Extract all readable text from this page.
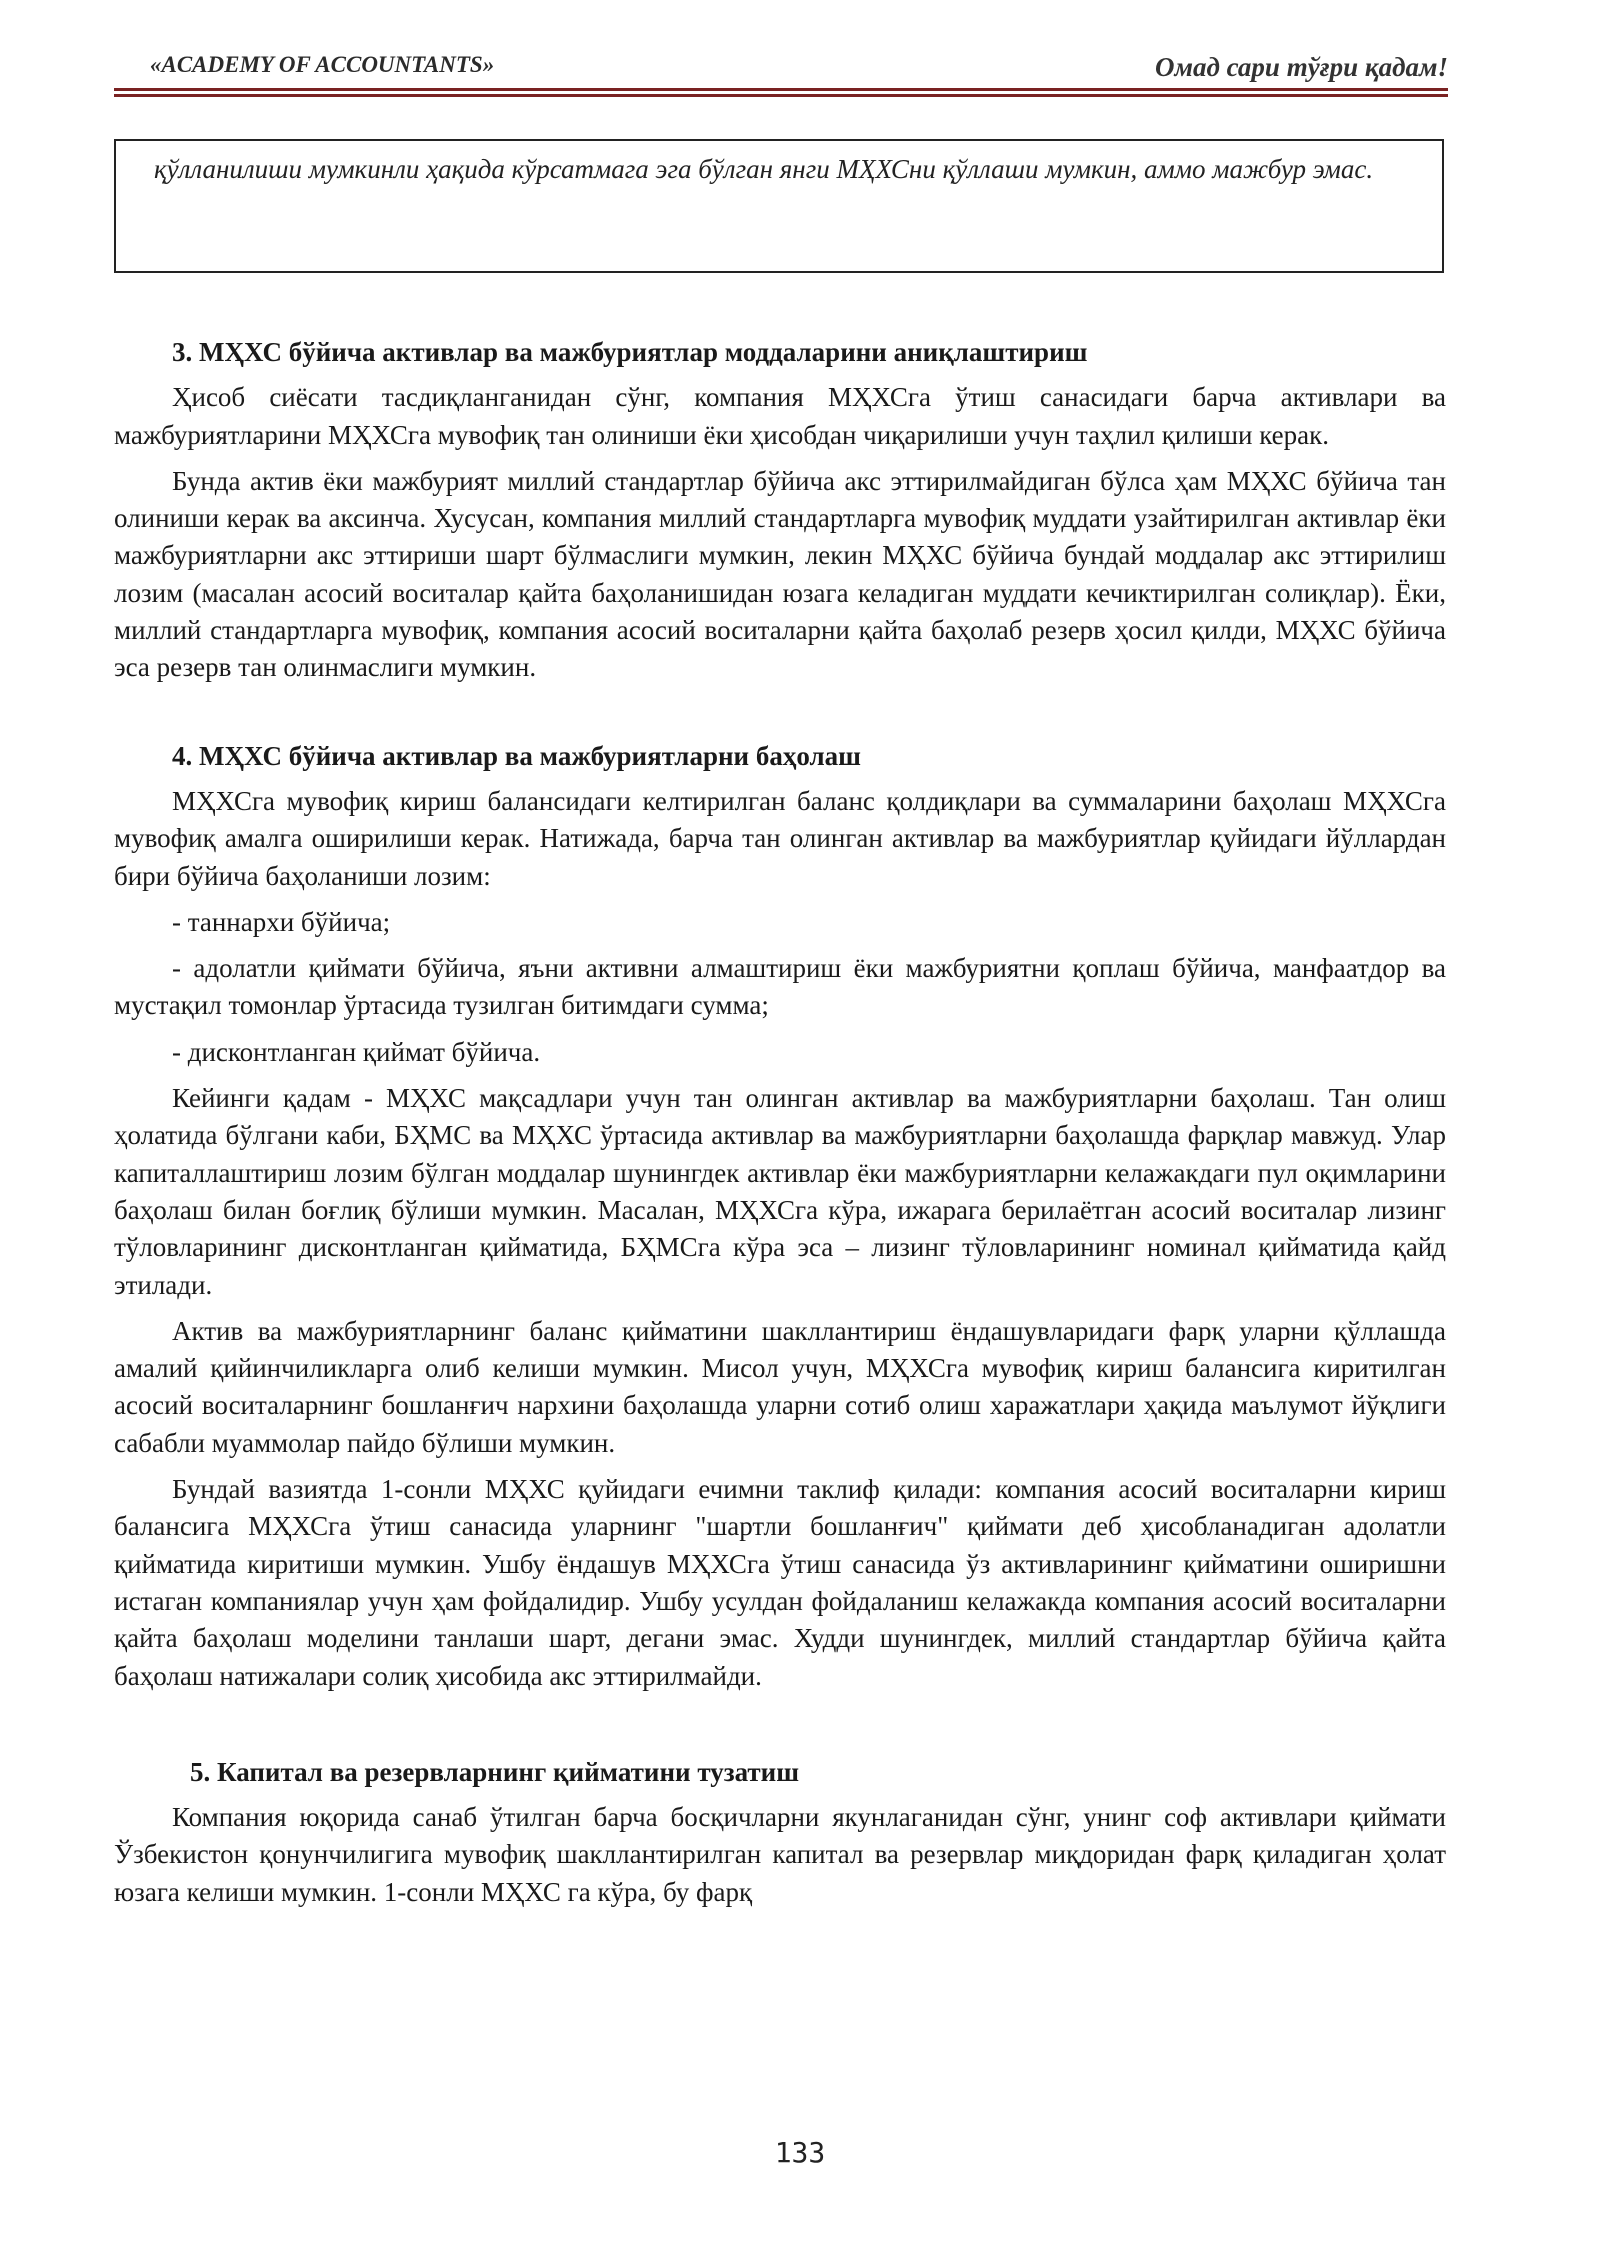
«ACADEMY OF ACCOUNTANTS»	Омад сари тўғри қадам!
қўлланилиши мумкинли ҳақида кўрсатмага эга бўлган янги МҲХСни қўллаши мумкин, аммо мажбур эмас.
3. МҲХС бўйича активлар ва мажбуриятлар моддаларини аниқлаштириш

Ҳисоб сиёсати тасдиқланганидан сўнг, компания МҲХСга ўтиш санасидаги барча активлари ва мажбуриятларини МҲХСга мувофиқ тан олиниши ёки ҳисобдан чиқарилиши учун таҳлил қилиши керак.

Бунда актив ёки мажбурият миллий стандартлар бўйича акс эттирилмайдиган бўлса ҳам МҲХС бўйича тан олиниши керак ва аксинча. Хусусан, компания миллий стандартларга мувофиқ муддати узайтирилган активлар ёки мажбуриятларни акс эттириши шарт бўлмаслиги мумкин, лекин МҲХС бўйича бундай моддалар акс эттирилиш лозим (масалан асосий воситалар қайта баҳоланишидан юзага келадиган муддати кечиктирилган солиқлар). Ёки, миллий стандартларга мувофиқ, компания асосий воситаларни қайта баҳолаб резерв ҳосил қилди, МҲХС бўйича эса резерв тан олинмаслиги мумкин.

4. МҲХС бўйича активлар ва мажбуриятларни баҳолаш

МҲХСга мувофиқ кириш балансидаги келтирилган баланс қолдиқлари ва суммаларини баҳолаш МҲХСга мувофиқ амалга оширилиши керак. Натижада, барча тан олинган активлар ва мажбуриятлар қуйидаги йўллардан бири бўйича баҳоланиши лозим:

- таннархи бўйича;

- адолатли қиймати бўйича, яъни активни алмаштириш ёки мажбуриятни қоплаш бўйича, манфаатдор ва мустақил томонлар ўртасида тузилган битимдаги сумма;

- дисконтланган қиймат бўйича.

Кейинги қадам - МҲХС мақсадлари учун тан олинган активлар ва мажбуриятларни баҳолаш. Тан олиш ҳолатида бўлгани каби, БҲМС ва МҲХС ўртасида активлар ва мажбуриятларни баҳолашда фарқлар мавжуд. Улар капиталлаштириш лозим бўлган моддалар шунингдек активлар ёки мажбуриятларни келажакдаги пул оқимларини баҳолаш билан боғлиқ бўлиши мумкин. Масалан, МҲХСга кўра, ижарага берилаётган асосий воситалар лизинг тўловларининг дисконтланган қийматида, БҲМСга кўра эса – лизинг тўловларининг номинал қийматида қайд этилади.

Актив ва мажбуриятларнинг баланс қийматини шакллантириш ёндашувларидаги фарқ уларни қўллашда амалий қийинчиликларга олиб келиши мумкин. Мисол учун, МҲХСга мувофиқ кириш балансига киритилган асосий воситаларнинг бошланғич нархини баҳолашда уларни сотиб олиш харажатлари ҳақида маълумот йўқлиги сабабли муаммолар пайдо бўлиши мумкин.

Бундай вазиятда 1-сонли МҲХС қуйидаги ечимни таклиф қилади: компания асосий воситаларни кириш балансига МҲХСга ўтиш санасида уларнинг "шартли бошланғич" қиймати деб ҳисобланадиган адолатли қийматида киритиши мумкин. Ушбу ёндашув МҲХСга ўтиш санасида ўз активларининг қийматини оширишни истаган компаниялар учун ҳам фойдалидир. Ушбу усулдан фойдаланиш келажакда компания асосий воситаларни қайта баҳолаш моделини танлаши шарт, дегани эмас. Худди шунингдек, миллий стандартлар бўйича қайта баҳолаш натижалари солиқ ҳисобида акс эттирилмайди.

5. Капитал ва резервларнинг қийматини тузатиш

Компания юқорида санаб ўтилган барча босқичларни якунлаганидан сўнг, унинг соф активлари қиймати Ўзбекистон қонунчилигига мувофиқ шакллантирилган капитал ва резервлар миқдоридан фарқ қиладиган ҳолат юзага келиши мумкин. 1-сонли МҲХС га кўра, бу фарқ

133
